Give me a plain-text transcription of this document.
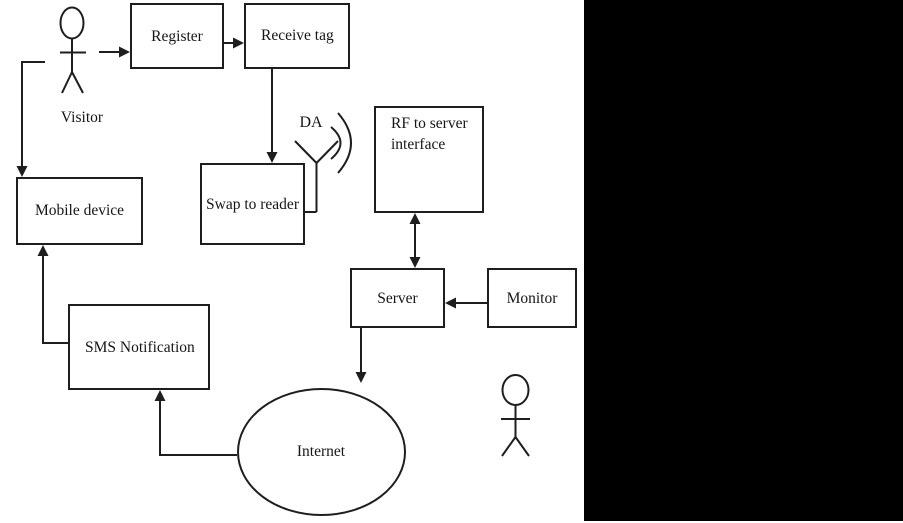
Register	Receive tag
Swap to reader
RF to server interface
Mobile device
SMS Notification
Server	Monitor
Visitor	DA
Internet
